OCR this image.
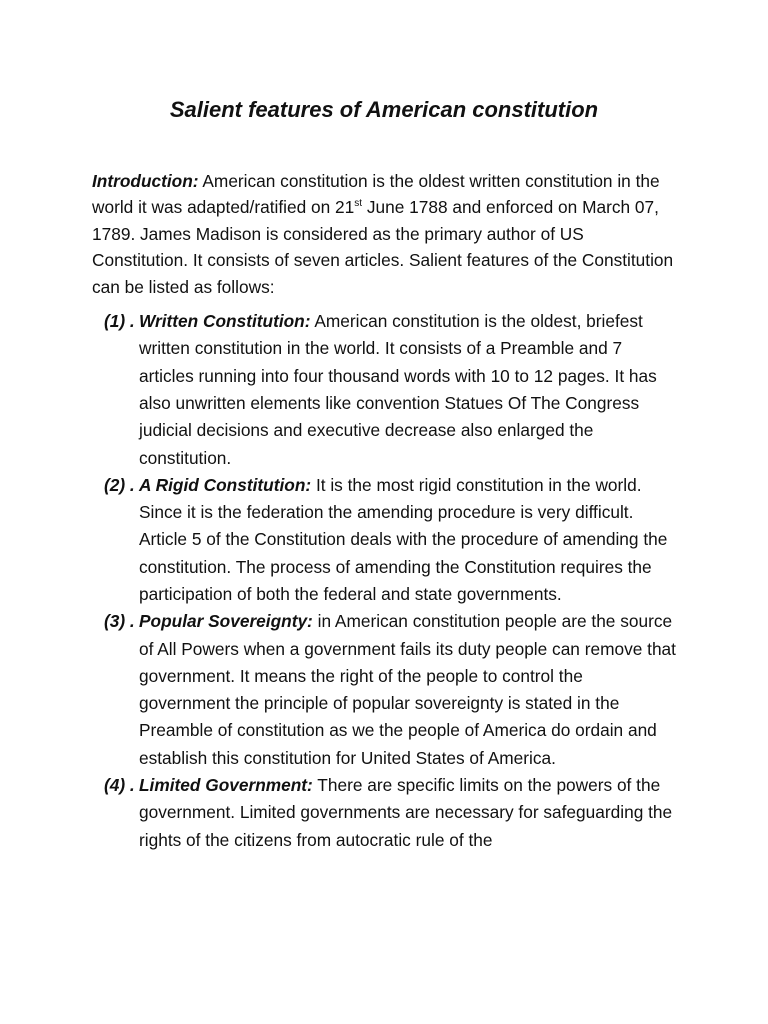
Salient features of American constitution

Introduction: American constitution is the oldest written constitution in the world it was adapted/ratified on 21st June 1788 and enforced on March 07, 1789. James Madison is considered as the primary author of US Constitution. It consists of seven articles. Salient features of the Constitution can be listed as follows:

(1) . Written Constitution: American constitution is the oldest, briefest written constitution in the world. It consists of a Preamble and 7 articles running into four thousand words with 10 to 12 pages. It has also unwritten elements like convention Statues Of The Congress judicial decisions and executive decrease also enlarged the constitution.
(2) . A Rigid Constitution: It is the most rigid constitution in the world. Since it is the federation the amending procedure is very difficult. Article 5 of the Constitution deals with the procedure of amending the constitution. The process of amending the Constitution requires the participation of both the federal and state governments.
(3) . Popular Sovereignty: in American constitution people are the source of All Powers when a government fails its duty people can remove that government. It means the right of the people to control the government the principle of popular sovereignty is stated in the Preamble of constitution as we the people of America do ordain and establish this constitution for United States of America.
(4) . Limited Government: There are specific limits on the powers of the government. Limited governments are necessary for safeguarding the rights of the citizens from autocratic rule of the
